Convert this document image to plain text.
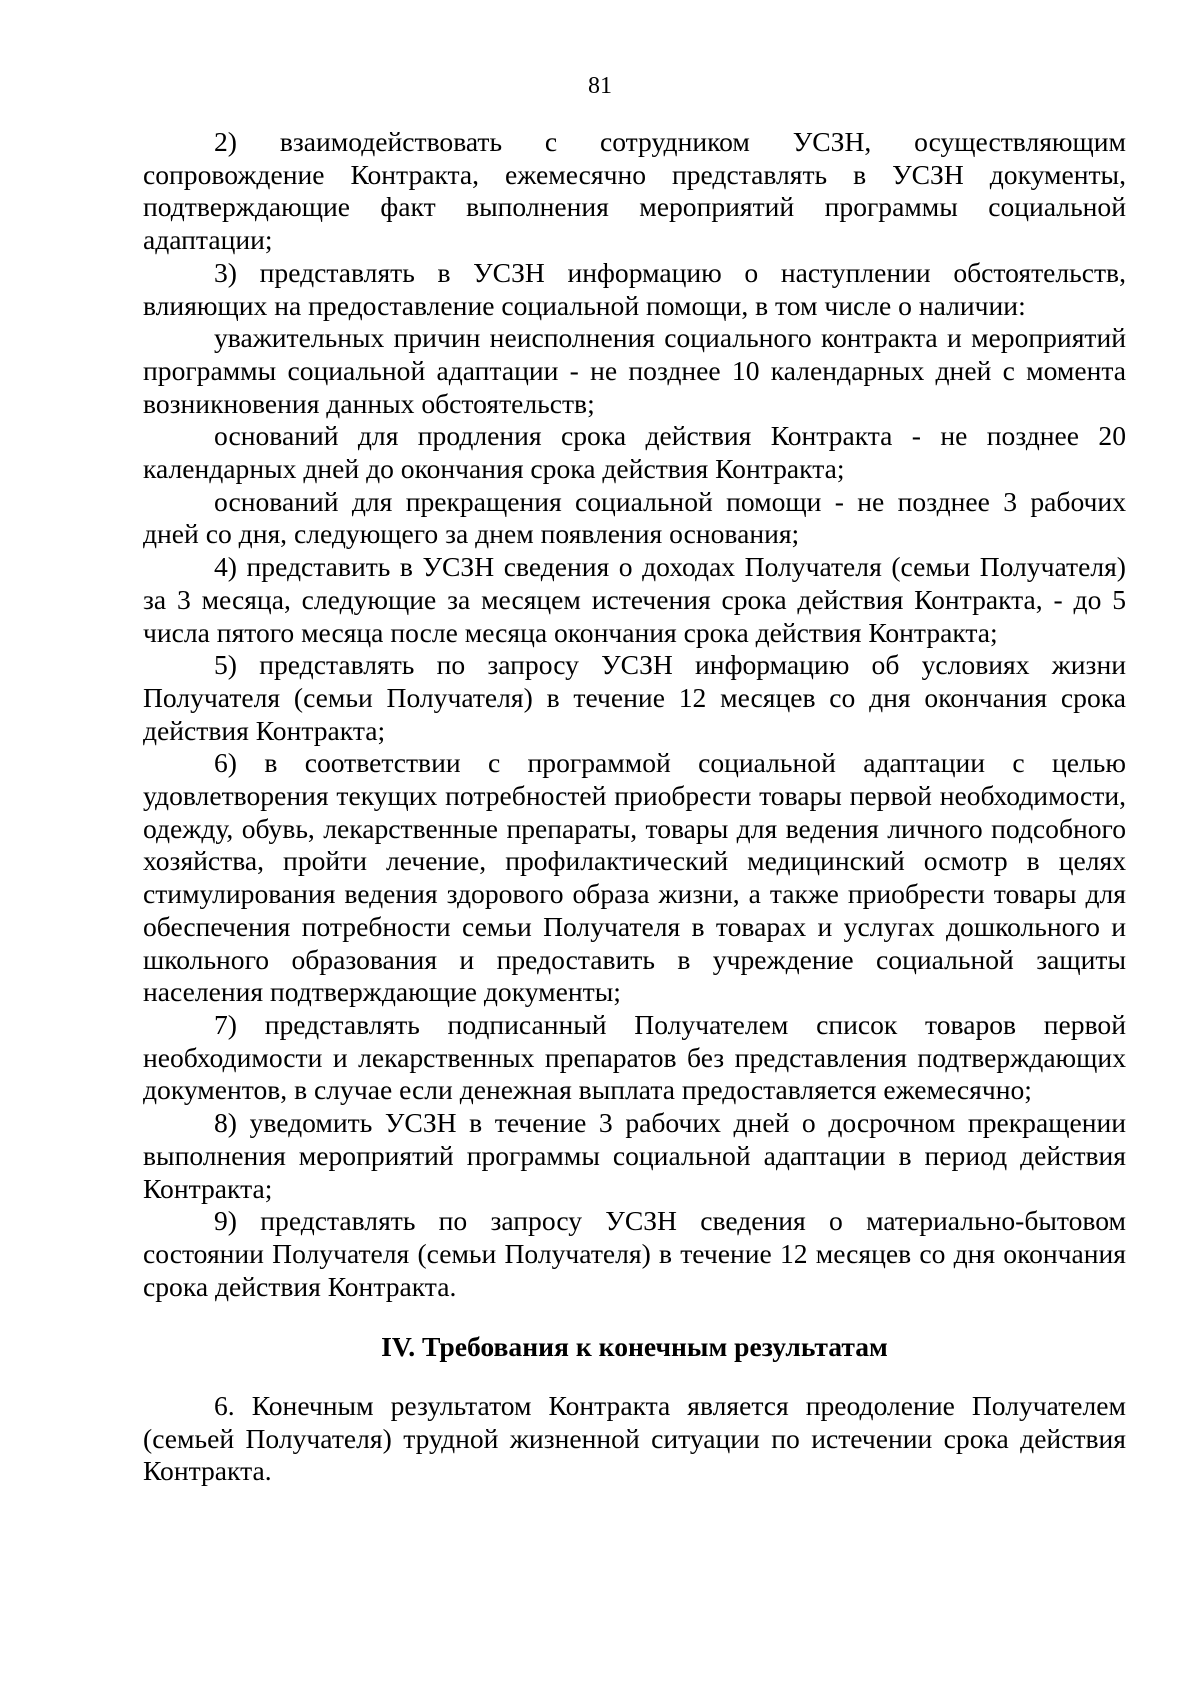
81

2) взаимодействовать с сотрудником УСЗН, осуществляющим сопровождение Контракта, ежемесячно представлять в УСЗН документы, подтверждающие факт выполнения мероприятий программы социальной адаптации;

3) представлять в УСЗН информацию о наступлении обстоятельств, влияющих на предоставление социальной помощи, в том числе о наличии:

уважительных причин неисполнения социального контракта и мероприятий программы социальной адаптации - не позднее 10 календарных дней с момента возникновения данных обстоятельств;

оснований для продления срока действия Контракта - не позднее 20 календарных дней до окончания срока действия Контракта;

оснований для прекращения социальной помощи - не позднее 3 рабочих дней со дня, следующего за днем появления основания;

4) представить в УСЗН сведения о доходах Получателя (семьи Получателя) за 3 месяца, следующие за месяцем истечения срока действия Контракта, - до 5 числа пятого месяца после месяца окончания срока действия Контракта;

5) представлять по запросу УСЗН информацию об условиях жизни Получателя (семьи Получателя) в течение 12 месяцев со дня окончания срока действия Контракта;

6) в соответствии с программой социальной адаптации с целью удовлетворения текущих потребностей приобрести товары первой необходимости, одежду, обувь, лекарственные препараты, товары для ведения личного подсобного хозяйства, пройти лечение, профилактический медицинский осмотр в целях стимулирования ведения здорового образа жизни, а также приобрести товары для обеспечения потребности семьи Получателя в товарах и услугах дошкольного и школьного образования и предоставить в учреждение социальной защиты населения подтверждающие документы;

7) представлять подписанный Получателем список товаров первой необходимости и лекарственных препаратов без представления подтверждающих документов, в случае если денежная выплата предоставляется ежемесячно;

8) уведомить УСЗН в течение 3 рабочих дней о досрочном прекращении выполнения мероприятий программы социальной адаптации в период действия Контракта;

9) представлять по запросу УСЗН сведения о материально-бытовом состоянии Получателя (семьи Получателя) в течение 12 месяцев со дня окончания срока действия Контракта.

IV. Требования к конечным результатам

6. Конечным результатом Контракта является преодоление Получателем (семьей Получателя) трудной жизненной ситуации по истечении срока действия Контракта.
